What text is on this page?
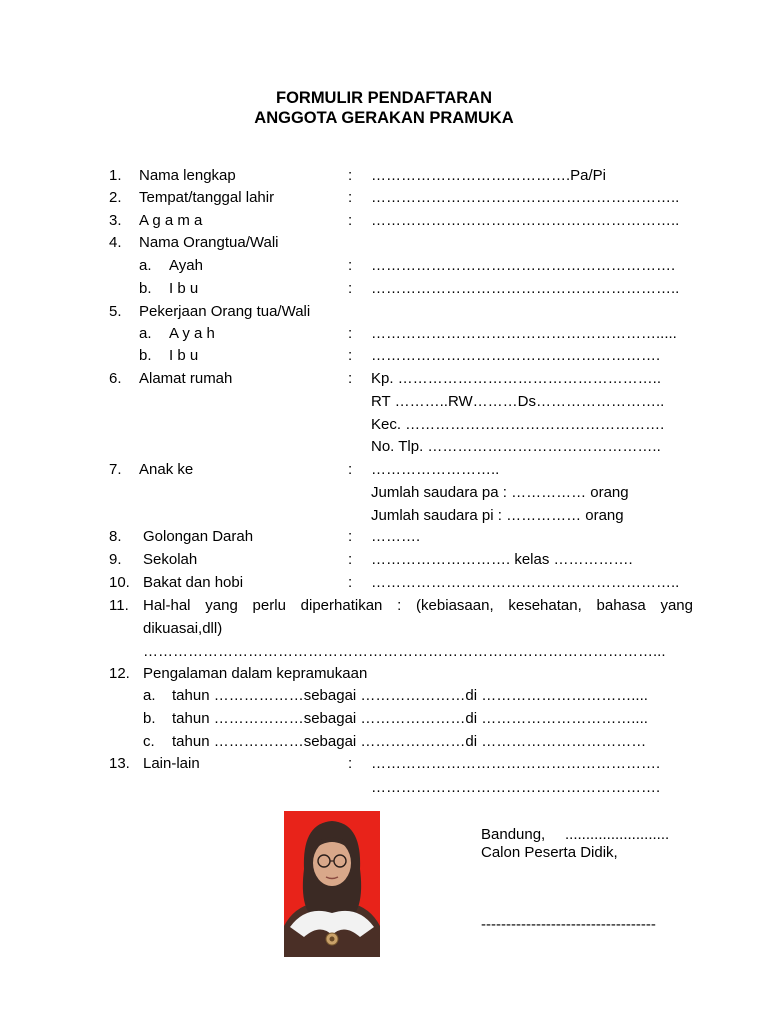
FORMULIR PENDAFTARAN
ANGGOTA GERAKAN PRAMUKA
1. Nama lengkap	: ………………………………….Pa/Pi
2. Tempat/tanggal lahir	: ……………………………………………………..
3. A g a m a	: ……………………………………………………..
4. Nama Orangtua/Wali
a. Ayah	: …………………………………………………….
b. I b u	: ……………………………………………………..
5. Pekerjaan Orang tua/Wali
a. A y a h	: ………………………………………………….....
b. I b u	: ………………………………………………….
6. Alamat rumah	: Kp. ……………………………………………..
RT ………..RW………Ds……………………..
Kec. …………………………………………….
No. Tlp. ………………………………………..
7. Anak ke	: ……………………..
Jumlah saudara pa : …………… orang
Jumlah saudara pi : …………… orang
8. Golongan Darah	: ……….
9. Sekolah	: ………………………. kelas …………….
10. Bakat dan hobi	: ……………………………………………………..
11. Hal-hal yang perlu diperhatikan : (kebiasaan, kesehatan, bahasa yang
dikuasai,dll)
…………………………………………………………………………………………...
12. Pengalaman dalam kepramukaan
a. tahun ………………sebagai …………………di …………………………....
b. tahun ………………sebagai …………………di …………………………....
c. tahun ………………sebagai …………………di ……………………………
13. Lain-lain	: ………………………………………………….
………………………………………………….
Bandung, .........................
Calon Peserta Didik,
-----------------------------------
